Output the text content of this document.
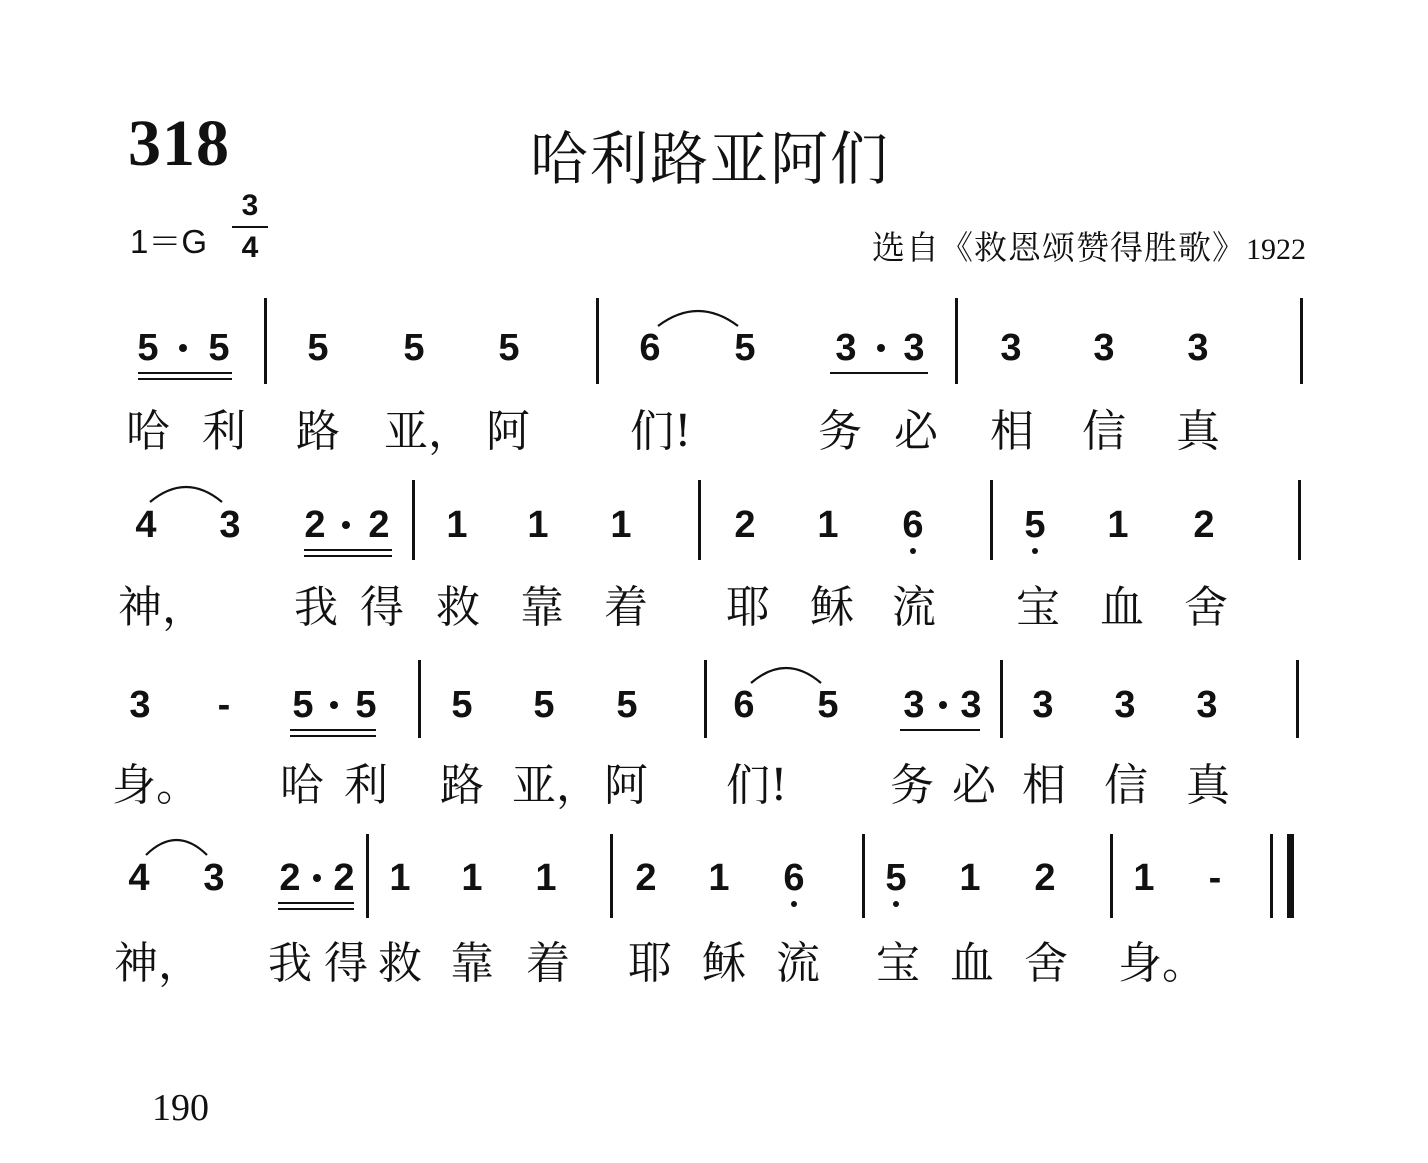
318	哈利路亚阿们
1＝G
3
4	选自《救恩颂赞得胜歌》1922
5 5 5 5 5	6 5 3 3 3 3 3
哈 利 路 亚， 阿 们!	务 必 相 信 真
4 3 2 2 1 1 1	2 1 6	5 1 2
神， 我 得 救 靠 着 耶 稣 流 宝 血 舍
3	-	5 5 5 5 5	6 5 3 3 3 3 3
身。 哈 利 路 亚， 阿 们! 务 必 相 信 真
4 3 2 2 1 1 1 2 1 6 5 1 2 1	-
神， 我 得 救 靠 着 耶 稣 流 宝 血 舍 身。
190
